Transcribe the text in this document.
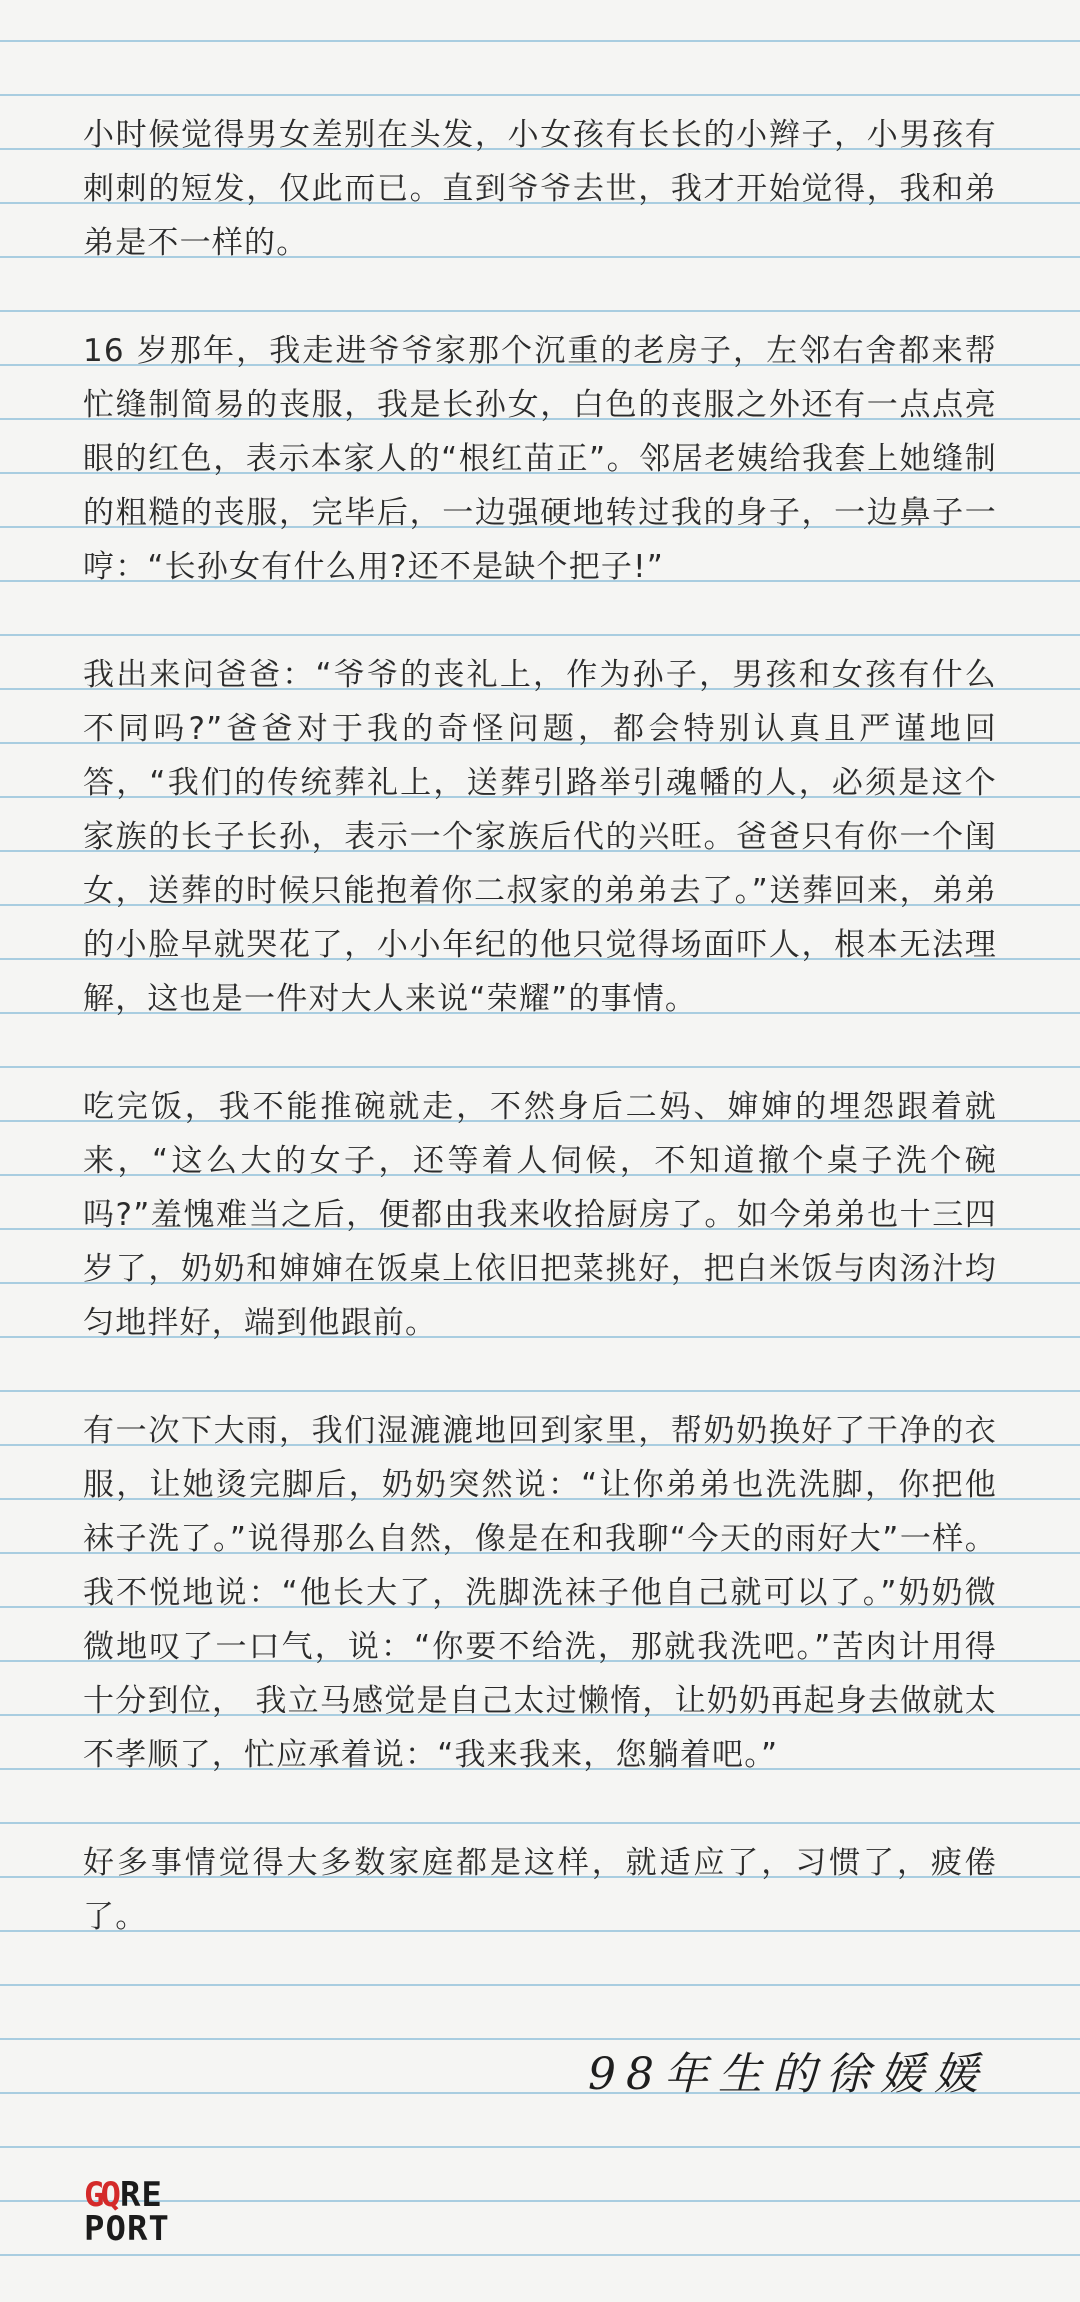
小时候觉得男女差别在头发，小女孩有长长的小辫子，小男孩有刺刺的短发，仅此而已。直到爷爷去世，我才开始觉得，我和弟弟是不一样的。

16 岁那年，我走进爷爷家那个沉重的老房子，左邻右舍都来帮忙缝制简易的丧服，我是长孙女，白色的丧服之外还有一点点亮眼的红色，表示本家人的“根红苗正”。邻居老姨给我套上她缝制的粗糙的丧服，完毕后，一边强硬地转过我的身子，一边鼻子一哼：“长孙女有什么用?还不是缺个把子!”

我出来问爸爸：“爷爷的丧礼上，作为孙子，男孩和女孩有什么不同吗?”爸爸对于我的奇怪问题，都会特别认真且严谨地回答，“我们的传统葬礼上，送葬引路举引魂幡的人，必须是这个家族的长子长孙，表示一个家族后代的兴旺。爸爸只有你一个闺女，送葬的时候只能抱着你二叔家的弟弟去了。”送葬回来，弟弟的小脸早就哭花了，小小年纪的他只觉得场面吓人，根本无法理解，这也是一件对大人来说“荣耀”的事情。

吃完饭，我不能推碗就走，不然身后二妈、婶婶的埋怨跟着就来，“这么大的女子，还等着人伺候，不知道撤个桌子洗个碗吗?”羞愧难当之后，便都由我来收拾厨房了。如今弟弟也十三四岁了，奶奶和婶婶在饭桌上依旧把菜挑好，把白米饭与肉汤汁均匀地拌好，端到他跟前。

有一次下大雨，我们湿漉漉地回到家里，帮奶奶换好了干净的衣服，让她烫完脚后，奶奶突然说：“让你弟弟也洗洗脚，你把他袜子洗了。”说得那么自然，像是在和我聊“今天的雨好大”一样。我不悦地说：“他长大了，洗脚洗袜子他自己就可以了。”奶奶微微地叹了一口气，说：“你要不给洗，那就我洗吧。”苦肉计用得十分到位， 我立马感觉是自己太过懒惰，让奶奶再起身去做就太不孝顺了，忙应承着说：“我来我来，您躺着吧。”

好多事情觉得大多数家庭都是这样，就适应了，习惯了，疲倦了。

98年生的徐媛媛
GQRE
PORT
